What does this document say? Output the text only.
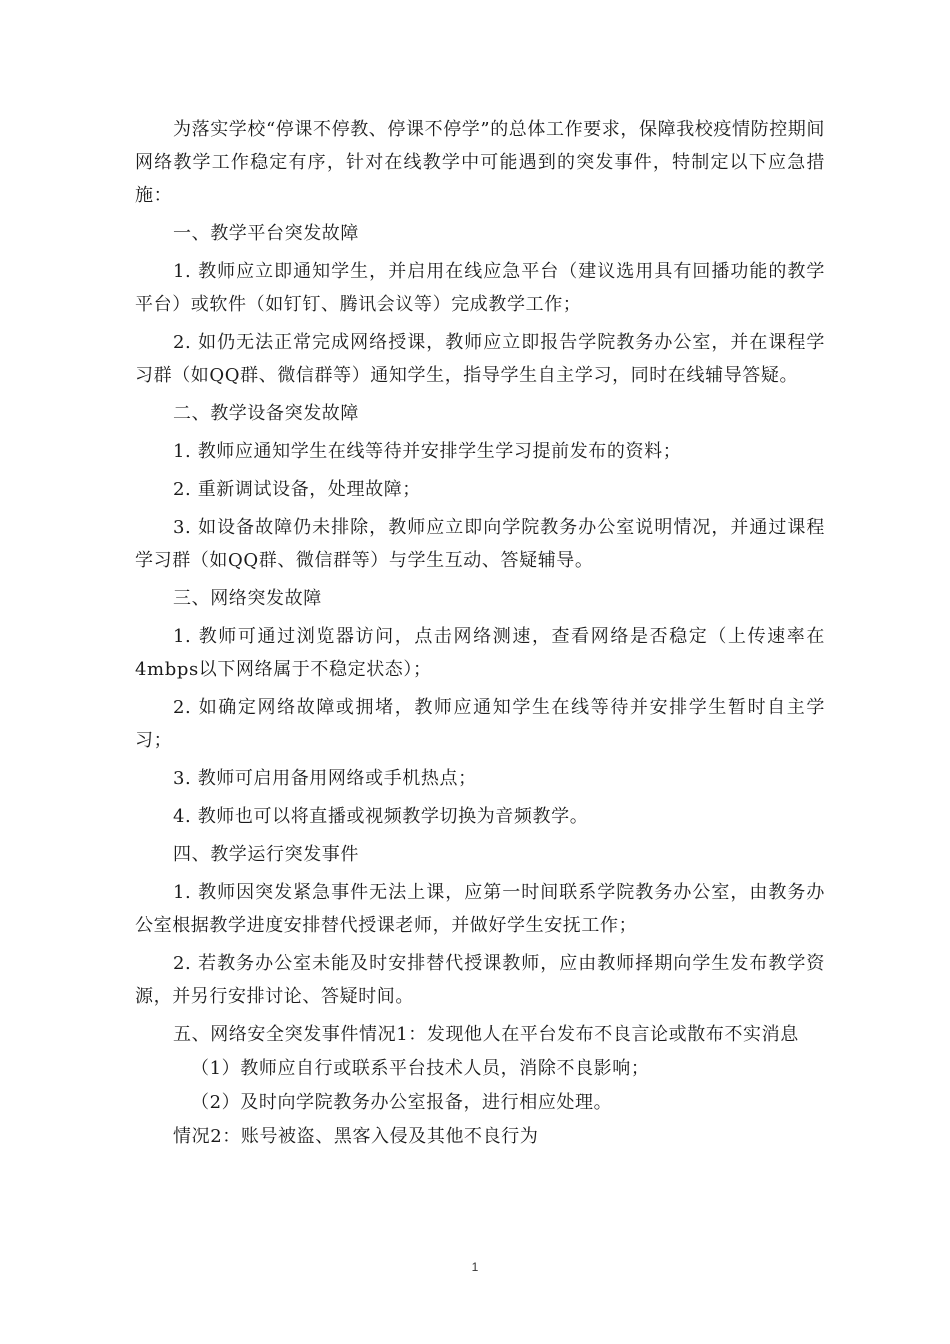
为落实学校“停课不停教、停课不停学”的总体工作要求，保障我校疫情防控期间网络教学工作稳定有序，针对在线教学中可能遇到的突发事件，特制定以下应急措施：

一、教学平台突发故障

1. 教师应立即通知学生，并启用在线应急平台（建议选用具有回播功能的教学平台）或软件（如钉钉、腾讯会议等）完成教学工作；

2. 如仍无法正常完成网络授课，教师应立即报告学院教务办公室，并在课程学习群（如QQ群、微信群等）通知学生，指导学生自主学习，同时在线辅导答疑。

二、教学设备突发故障

1. 教师应通知学生在线等待并安排学生学习提前发布的资料；

2. 重新调试设备，处理故障；

3. 如设备故障仍未排除，教师应立即向学院教务办公室说明情况，并通过课程学习群（如QQ群、微信群等）与学生互动、答疑辅导。

三、网络突发故障

1. 教师可通过浏览器访问，点击网络测速，查看网络是否稳定（上传速率在4mbps以下网络属于不稳定状态）；

2. 如确定网络故障或拥堵，教师应通知学生在线等待并安排学生暂时自主学习；

3. 教师可启用备用网络或手机热点；

4. 教师也可以将直播或视频教学切换为音频教学。

四、教学运行突发事件

1. 教师因突发紧急事件无法上课，应第一时间联系学院教务办公室，由教务办公室根据教学进度安排替代授课老师，并做好学生安抚工作；

2. 若教务办公室未能及时安排替代授课教师，应由教师择期向学生发布教学资源，并另行安排讨论、答疑时间。

五、网络安全突发事件情况1：发现他人在平台发布不良言论或散布不实消息

（1）教师应自行或联系平台技术人员，消除不良影响；

（2）及时向学院教务办公室报备，进行相应处理。

情况2：账号被盗、黑客入侵及其他不良行为

1
